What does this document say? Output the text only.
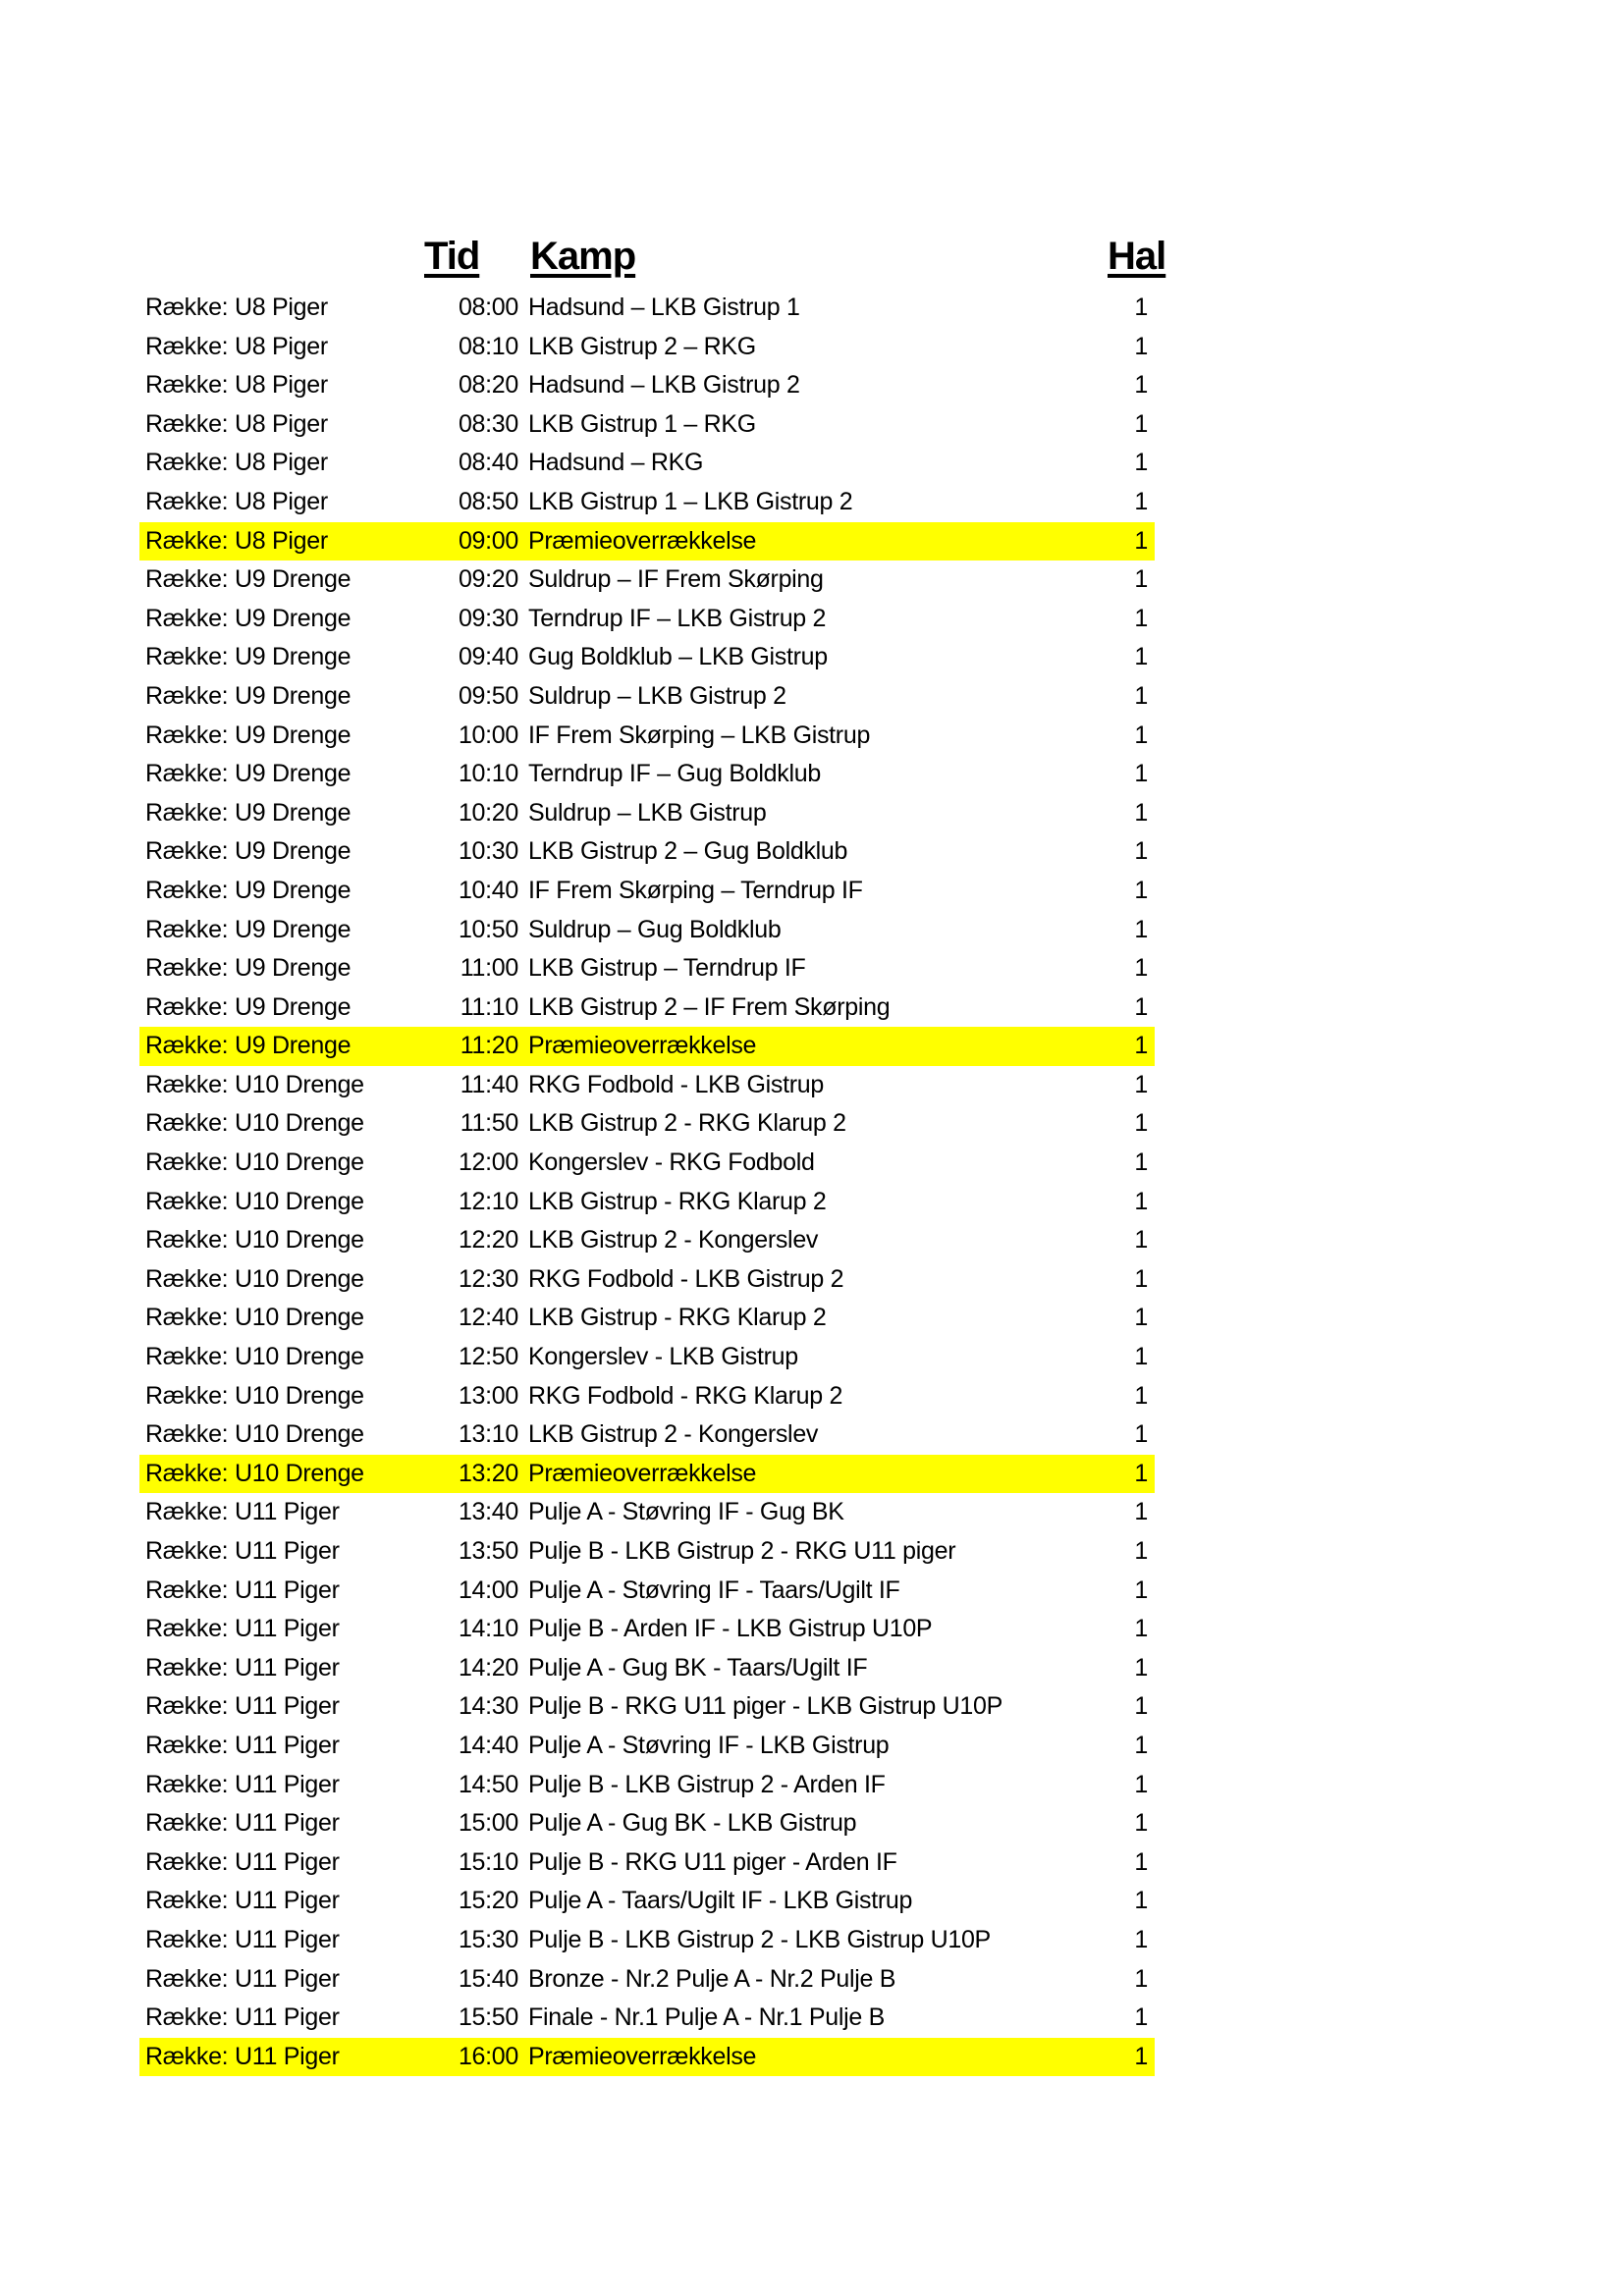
Tid Kamp	Hal
Række: U8 Piger	08:00 Hadsund – LKB Gistrup 1	1
Række: U8 Piger	08:10 LKB Gistrup 2 – RKG	1
Række: U8 Piger	08:20 Hadsund – LKB Gistrup 2	1
Række: U8 Piger	08:30 LKB Gistrup 1 – RKG	1
Række: U8 Piger	08:40 Hadsund – RKG	1
Række: U8 Piger	08:50 LKB Gistrup 1 – LKB Gistrup 2	1
Række: U8 Piger	09:00 Præmieoverrækkelse	1
Række: U9 Drenge	09:20 Suldrup – IF Frem Skørping	1
Række: U9 Drenge	09:30 Terndrup IF – LKB Gistrup 2	1
Række: U9 Drenge	09:40 Gug Boldklub – LKB Gistrup	1
Række: U9 Drenge	09:50 Suldrup – LKB Gistrup 2	1
Række: U9 Drenge	10:00 IF Frem Skørping – LKB Gistrup	1
Række: U9 Drenge	10:10 Terndrup IF – Gug Boldklub	1
Række: U9 Drenge	10:20 Suldrup – LKB Gistrup	1
Række: U9 Drenge	10:30 LKB Gistrup 2 – Gug Boldklub	1
Række: U9 Drenge	10:40 IF Frem Skørping – Terndrup IF	1
Række: U9 Drenge	10:50 Suldrup – Gug Boldklub	1
Række: U9 Drenge	11:00 LKB Gistrup – Terndrup IF	1
Række: U9 Drenge	11:10 LKB Gistrup 2 – IF Frem Skørping	1
Række: U9 Drenge	11:20 Præmieoverrækkelse	1
Række: U10 Drenge	11:40 RKG Fodbold - LKB Gistrup	1
Række: U10 Drenge	11:50 LKB Gistrup 2 - RKG Klarup 2	1
Række: U10 Drenge	12:00 Kongerslev - RKG Fodbold	1
Række: U10 Drenge	12:10 LKB Gistrup - RKG Klarup 2	1
Række: U10 Drenge	12:20 LKB Gistrup 2 - Kongerslev	1
Række: U10 Drenge	12:30 RKG Fodbold - LKB Gistrup 2	1
Række: U10 Drenge	12:40 LKB Gistrup - RKG Klarup 2	1
Række: U10 Drenge	12:50 Kongerslev - LKB Gistrup	1
Række: U10 Drenge	13:00 RKG Fodbold - RKG Klarup 2	1
Række: U10 Drenge	13:10 LKB Gistrup 2 - Kongerslev	1
Række: U10 Drenge	13:20 Præmieoverrækkelse	1
Række: U11 Piger	13:40 Pulje A - Støvring IF - Gug BK	1
Række: U11 Piger	13:50 Pulje B - LKB Gistrup 2 - RKG U11 piger	1
Række: U11 Piger	14:00 Pulje A - Støvring IF - Taars/Ugilt IF	1
Række: U11 Piger	14:10 Pulje B - Arden IF - LKB Gistrup U10P	1
Række: U11 Piger	14:20 Pulje A - Gug BK - Taars/Ugilt IF	1
Række: U11 Piger	14:30 Pulje B - RKG U11 piger - LKB Gistrup U10P	1
Række: U11 Piger	14:40 Pulje A - Støvring IF - LKB Gistrup	1
Række: U11 Piger	14:50 Pulje B - LKB Gistrup 2 - Arden IF	1
Række: U11 Piger	15:00 Pulje A - Gug BK - LKB Gistrup	1
Række: U11 Piger	15:10 Pulje B - RKG U11 piger - Arden IF	1
Række: U11 Piger	15:20 Pulje A - Taars/Ugilt IF - LKB Gistrup	1
Række: U11 Piger	15:30 Pulje B - LKB Gistrup 2 - LKB Gistrup U10P	1
Række: U11 Piger	15:40 Bronze - Nr.2 Pulje A - Nr.2 Pulje B	1
Række: U11 Piger	15:50 Finale - Nr.1 Pulje A - Nr.1 Pulje B	1
Række: U11 Piger	16:00 Præmieoverrækkelse	1
